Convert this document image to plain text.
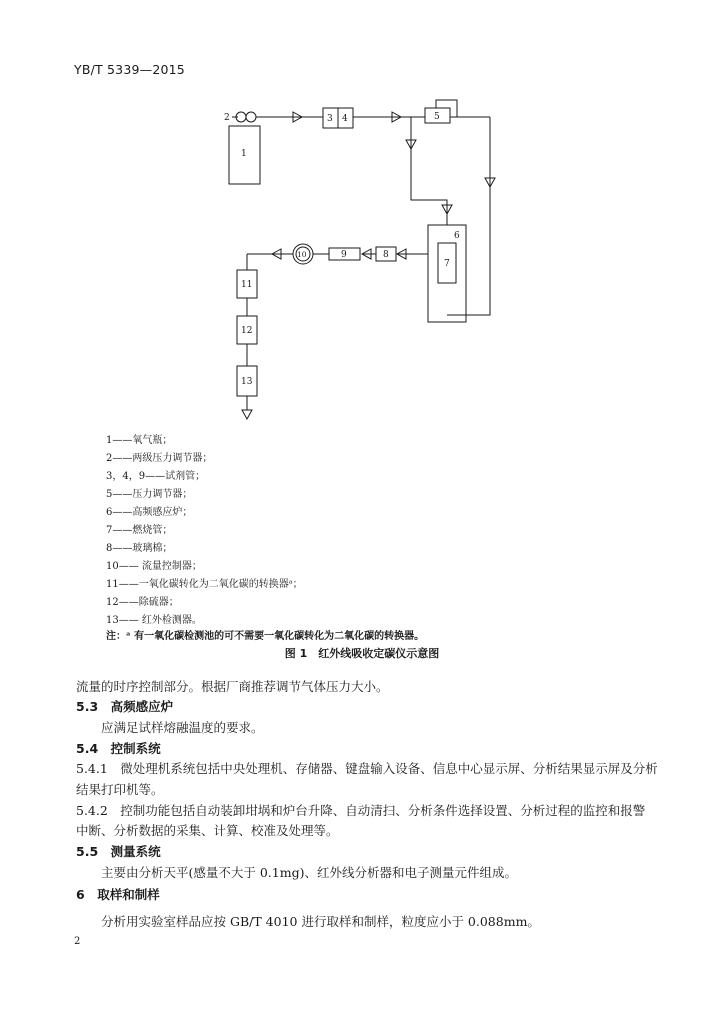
YB/T 5339—2015
1
2	3 4	5
6
7
8
9
10
11
12
13
1——氧气瓶；
2——两级压力调节器；
3，4，9——试剂管；
5——压力调节器；
6——高频感应炉；
7——燃烧管；
8——玻璃棉；
10—— 流量控制器；
11——一氧化碳转化为二氧化碳的转换器ᵃ；
12——除硫器；
13—— 红外检测器。
注：ᵃ 有一氧化碳检测池的可不需要一氧化碳转化为二氧化碳的转换器。
图 1　红外线吸收定碳仪示意图
流量的时序控制部分。根据厂商推荐调节气体压力大小。
5.3　高频感应炉
应满足试样熔融温度的要求。
5.4　控制系统
5.4.1　微处理机系统包括中央处理机、存储器、键盘输入设备、信息中心显示屏、分析结果显示屏及分析
结果打印机等。
5.4.2　控制功能包括自动装卸坩埚和炉台升降、自动清扫、分析条件选择设置、分析过程的监控和报警
中断、分析数据的采集、计算、校准及处理等。
5.5　测量系统
主要由分析天平(感量不大于 0.1mg)、红外线分析器和电子测量元件组成。
6　取样和制样
分析用实验室样品应按 GB/T 4010 进行取样和制样，粒度应小于 0.088mm。
2
